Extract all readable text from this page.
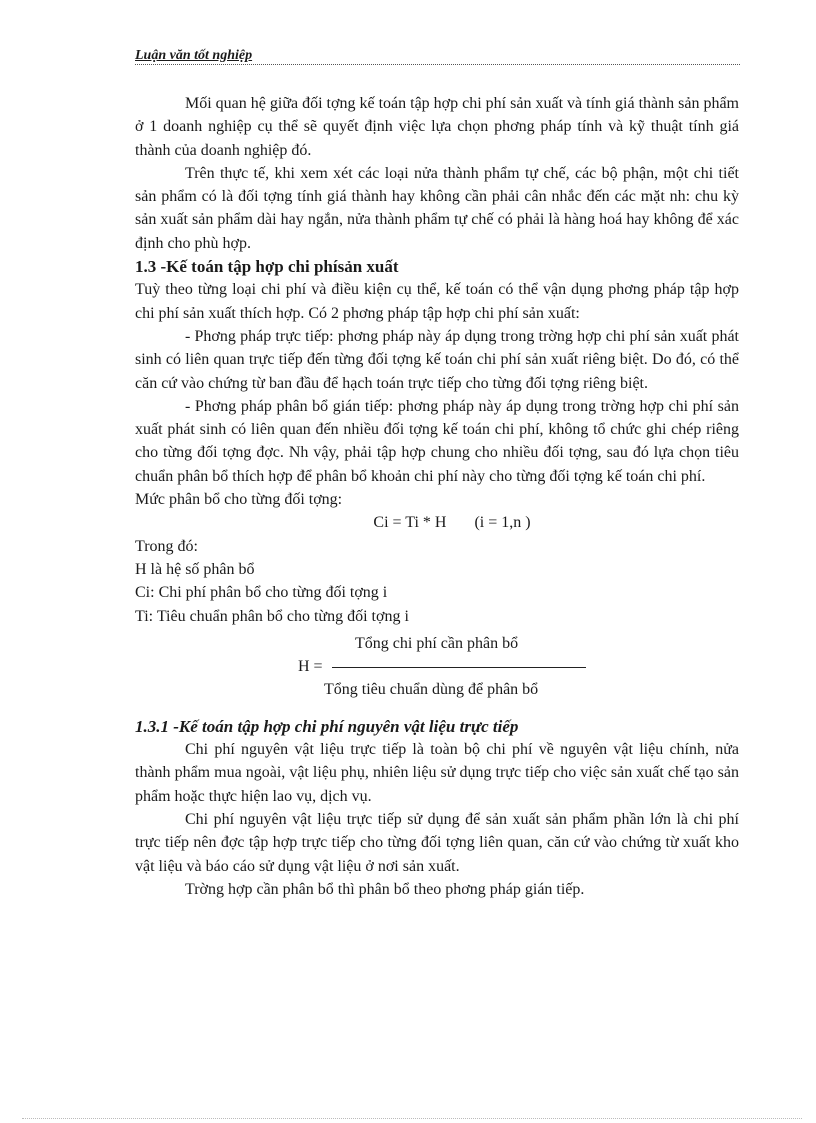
Luận văn tốt nghiệp

Mối quan hệ giữa đối tợng kế toán tập hợp chi phí sản xuất và tính giá thành sản phẩm ở 1 doanh nghiệp cụ thể sẽ quyết định việc lựa chọn phơng pháp tính và kỹ thuật tính giá thành của doanh nghiệp đó.

Trên thực tế, khi xem xét các loại nửa thành phẩm tự chế, các bộ phận, một chi tiết sản phẩm có là đối tợng tính giá thành hay không cần phải cân nhắc đến các mặt nh: chu kỳ sản xuất sản phẩm dài hay ngắn, nửa thành phẩm tự chế có phải là hàng hoá hay không để xác định cho phù hợp.

1.3 -Kế toán tập hợp chi phísản xuất

Tuỳ theo từng loại chi phí và điều kiện cụ thể, kế toán có thể vận dụng phơng pháp tập hợp chi phí sản xuất thích hợp. Có 2 phơng pháp tập hợp chi phí sản xuất:

- Phơng pháp trực tiếp: phơng pháp này áp dụng trong trờng hợp chi phí sản xuất phát sinh có liên quan trực tiếp đến từng đối tợng kế toán chi phí sản xuất riêng biệt. Do đó, có thể căn cứ vào chứng từ ban đầu để hạch toán trực tiếp cho từng đối tợng riêng biệt.

- Phơng pháp phân bổ gián tiếp: phơng pháp này áp dụng trong trờng hợp chi phí sản xuất phát sinh có liên quan đến nhiều đối tợng kế toán chi phí, không tổ chức ghi chép riêng cho từng đối tợng đợc. Nh vậy, phải tập hợp chung cho nhiều đối tợng, sau đó lựa chọn tiêu chuẩn phân bổ thích hợp để phân bổ khoản chi phí này cho từng đối tợng kế toán chi phí.

Mức phân bổ cho từng đối tợng:

Ci = Ti * H       (i = 1,n )

Trong đó:

H là hệ số phân bổ

Ci: Chi phí phân bổ cho từng đối tợng i

Ti: Tiêu chuẩn phân bổ cho từng đối tợng i

Tổng chi phí cần phân bổ
H =
Tổng tiêu chuẩn dùng để phân bổ

1.3.1 -Kế toán tập hợp chi phí nguyên vật liệu trực tiếp

Chi phí nguyên vật liệu trực tiếp là toàn bộ chi phí về nguyên vật liệu chính, nửa thành phẩm mua ngoài, vật liệu phụ, nhiên liệu sử dụng trực tiếp cho việc sản xuất chế tạo sản phẩm hoặc thực hiện lao vụ, dịch vụ.

Chi phí nguyên vật liệu trực tiếp sử dụng để sản xuất sản phẩm phần lớn là chi phí trực tiếp nên đợc tập hợp trực tiếp cho từng đối tợng liên quan, căn cứ vào chứng từ xuất kho vật liệu và báo cáo sử dụng vật liệu ở nơi sản xuất.

Trờng hợp cần phân bổ thì phân bổ theo phơng pháp gián tiếp.
